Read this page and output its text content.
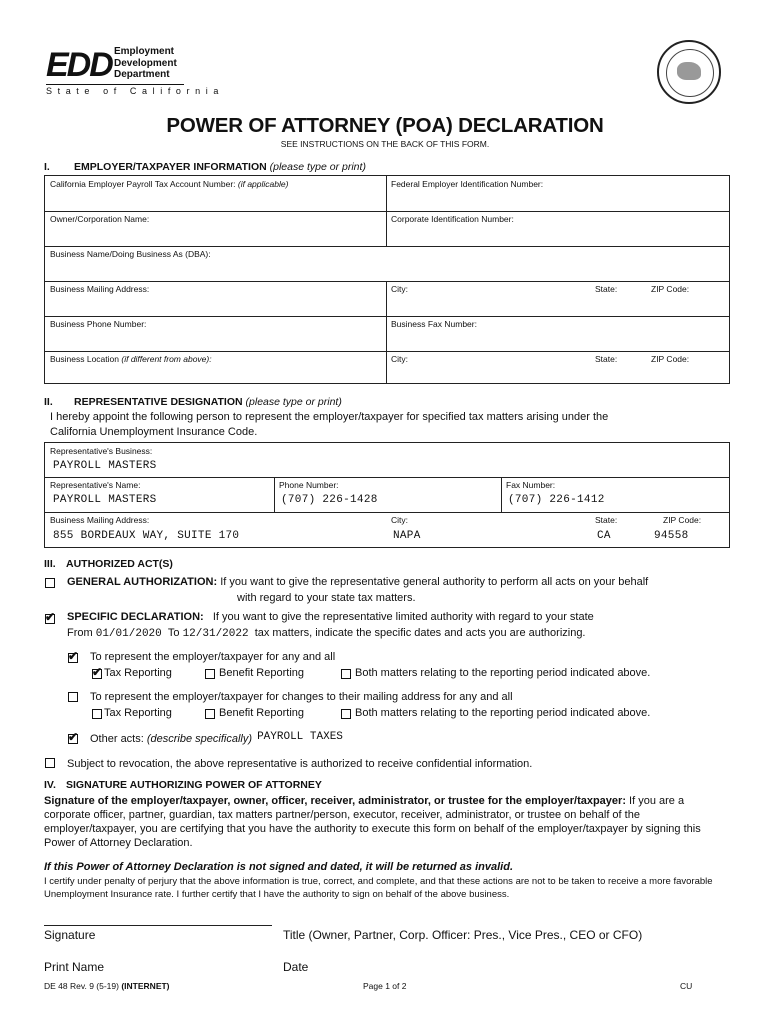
EDD Employment
Development
Department
State of California
POWER OF ATTORNEY (POA) DECLARATION
SEE INSTRUCTIONS ON THE BACK OF THIS FORM.
I. EMPLOYER/TAXPAYER INFORMATION (please type or print)
California Employer Payroll Tax Account Number: (if applicable)	Federal Employer Identification Number:
Owner/Corporation Name:	Corporate Identification Number:
Business Name/Doing Business As (DBA):
Business Mailing Address:	City:	State:	ZIP Code:
Business Phone Number:	Business Fax Number:
Business Location (if different from above):	City:	State:	ZIP Code:
II. REPRESENTATIVE DESIGNATION (please type or print)
I hereby appoint the following person to represent the employer/taxpayer for specified tax matters arising under the
California Unemployment Insurance Code.
Representative's Business:
PAYROLL MASTERS
Representative's Name:
PAYROLL MASTERS
Phone Number:
(707) 226-1428
Fax Number:
(707) 226-1412
Business Mailing Address:
855 BORDEAUX WAY, SUITE 170
City:
NAPA
State:
CA
ZIP Code:
94558
III. AUTHORIZED ACT(S)
GENERAL AUTHORIZATION: If you want to give the representative general authority to perform all acts on your behalf
with regard to your state tax matters.
✔
SPECIFIC DECLARATION: If you want to give the representative limited authority with regard to your state
From 01/01/2020 To 12/31/2022 tax matters, indicate the specific dates and acts you are authorizing.
✔
To represent the employer/taxpayer for any and all
✔
Tax Reporting	Benefit Reporting	Both matters relating to the reporting period indicated above.
To represent the employer/taxpayer for changes to their mailing address for any and all
Tax Reporting	Benefit Reporting	Both matters relating to the reporting period indicated above.
✔
Other acts: (describe specifically) PAYROLL TAXES
Subject to revocation, the above representative is authorized to receive confidential information.
IV. SIGNATURE AUTHORIZING POWER OF ATTORNEY
Signature of the employer/taxpayer, owner, officer, receiver, administrator, or trustee for the employer/taxpayer: If you are a corporate officer, partner, guardian, tax matters partner/person, executor, receiver, administrator, or trustee on behalf of the employer/taxpayer, you are certifying that you have the authority to execute this form on behalf of the employer/taxpayer by signing this Power of Attorney Declaration.
If this Power of Attorney Declaration is not signed and dated, it will be returned as invalid.
I certify under penalty of perjury that the above information is true, correct, and complete, and that these actions are not to be taken to receive a more favorable Unemployment Insurance rate. I further certify that I have the authority to sign on behalf of the above business.
Signature	Title (Owner, Partner, Corp. Officer: Pres., Vice Pres., CEO or CFO)
Print Name	Date
DE 48 Rev. 9 (5-19) (INTERNET)	Page 1 of 2	CU
